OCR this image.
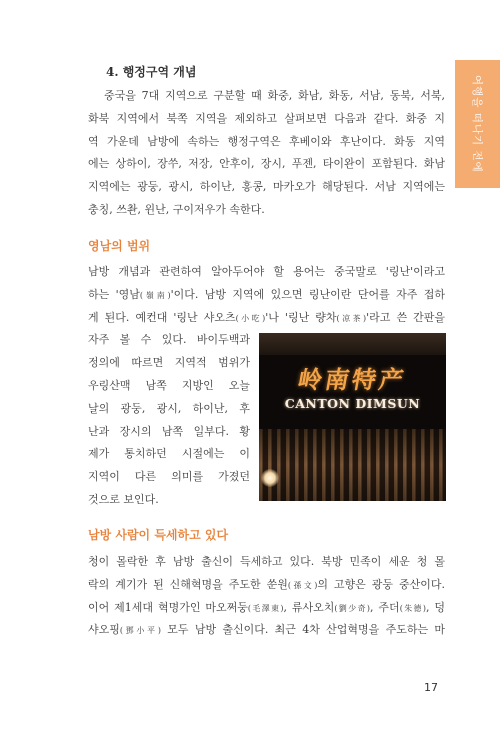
여행을 떠나기 전에
4. 행정구역 개념
중국을 7대 지역으로 구분할 때 화중, 화남, 화동, 서남, 동북, 서북,
화북 지역에서 북쪽 지역을 제외하고 살펴보면 다음과 같다. 화중 지
역 가운데 남방에 속하는 행정구역은 후베이와 후난이다. 화동 지역
에는 상하이, 장쑤, 저장, 안후이, 장시, 푸젠, 타이완이 포함된다. 화남
지역에는 광둥, 광시, 하이난, 홍콩, 마카오가 해당된다. 서남 지역에는
충칭, 쓰촨, 윈난, 구이저우가 속한다.
영남의 범위
남방 개념과 관련하여 알아두어야 할 용어는 중국말로 '링난'이라고
하는 '영남(嶺南)'이다. 남방 지역에 있으면 링난이란 단어를 자주 접하
게 된다. 예컨대 '링난 샤오츠(小吃)'나 '링난 량차(凉茶)'라고 쓴 간판을
자주 볼 수 있다. 바이두백과
정의에 따르면 지역적 범위가
우링산맥 남쪽 지방인 오늘
날의 광둥, 광시, 하이난, 후
난과 장시의 남쪽 일부다. 황
제가 통치하던 시절에는 이
지역이 다른 의미를 가졌던
것으로 보인다.
岭南特产
CANTON DIMSUN
남방 사람이 득세하고 있다
청이 몰락한 후 남방 출신이 득세하고 있다. 북방 민족이 세운 청 몰
락의 계기가 된 신해혁명을 주도한 쑨원(孫文)의 고향은 광둥 중산이다.
이어 제1세대 혁명가인 마오쩌둥(毛澤東), 류사오치(劉少奇), 주더(朱德), 덩
샤오핑(鄧小平) 모두 남방 출신이다. 최근 4차 산업혁명을 주도하는 마
17
